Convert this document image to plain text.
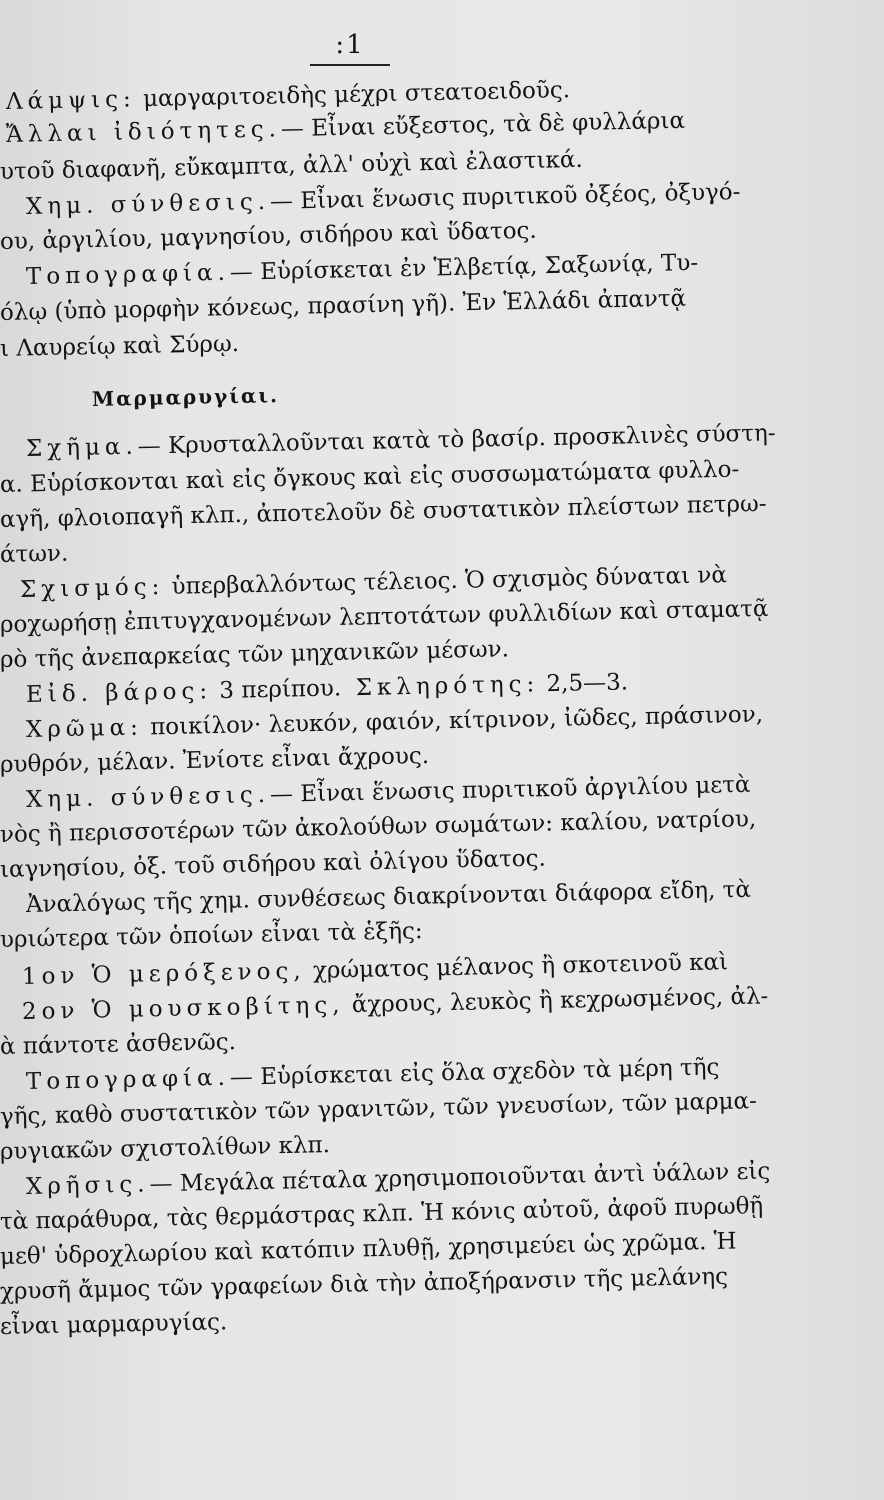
:1
Λάμψις: μαργαριτοειδὴς μέχρι στεατοειδοῦς.
Ἄλλαι ἰδιότητες.— Εἶναι εὔξεστος, τὰ δὲ φυλλάρια
υτοῦ διαφανῆ, εὔκαμπτα, ἀλλ' οὐχὶ καὶ ἐλαστικά.
Χημ. σύνθεσις.— Εἶναι ἕνωσις πυριτικοῦ ὀξέος, ὀξυγό-
ου, ἀργιλίου, μαγνησίου, σιδήρου καὶ ὕδατος.
Τοπογραφία.— Εὑρίσκεται ἐν Ἑλβετίᾳ, Σαξωνίᾳ, Τυ-
όλῳ (ὑπὸ μορφὴν κόνεως, πρασίνη γῆ). Ἐν Ἑλλάδι ἀπαντᾷ
ι Λαυρείῳ καὶ Σύρῳ.
Μαρμαρυγίαι.
Σχῆμα.— Κρυσταλλοῦνται κατὰ τὸ βασίρ. προσκλινὲς σύστη-
α. Εὑρίσκονται καὶ εἰς ὄγκους καὶ εἰς συσσωματώματα φυλλο-
αγῆ, φλοιοπαγῆ κλπ., ἀποτελοῦν δὲ συστατικὸν πλείστων πετρω-
άτων.
Σχισμός: ὑπερβαλλόντως τέλειος. Ὁ σχισμὸς δύναται νὰ
ροχωρήσῃ ἐπιτυγχανομένων λεπτοτάτων φυλλιδίων καὶ σταματᾷ
ρὸ τῆς ἀνεπαρκείας τῶν μηχανικῶν μέσων.
Εἰδ. βάρος: 3 περίπου. Σκληρότης: 2,5—3.
Χρῶμα: ποικίλον· λευκόν, φαιόν, κίτρινον, ἰῶδες, πράσινον,
ρυθρόν, μέλαν. Ἐνίοτε εἶναι ἄχρους.
Χημ. σύνθεσις.— Εἶναι ἕνωσις πυριτικοῦ ἀργιλίου μετὰ
νὸς ἢ περισσοτέρων τῶν ἀκολούθων σωμάτων: καλίου, νατρίου,
ιαγνησίου, ὀξ. τοῦ σιδήρου καὶ ὀλίγου ὕδατος.
Ἀναλόγως τῆς χημ. συνθέσεως διακρίνονται διάφορα εἴδη, τὰ
υριώτερα τῶν ὁποίων εἶναι τὰ ἑξῆς:
1ον Ὁ μερόξενος, χρώματος μέλανος ἢ σκοτεινοῦ καὶ
2ον Ὁ μουσκοβίτης, ἄχρους, λευκὸς ἢ κεχρωσμένος, ἀλ-
ὰ πάντοτε ἀσθενῶς.
Τοπογραφία.— Εὑρίσκεται εἰς ὅλα σχεδὸν τὰ μέρη τῆς
γῆς, καθὸ συστατικὸν τῶν γρανιτῶν, τῶν γνευσίων, τῶν μαρμα-
ρυγιακῶν σχιστολίθων κλπ.
Χρῆσις.— Μεγάλα πέταλα χρησιμοποιοῦνται ἀντὶ ὑάλων εἰς
τὰ παράθυρα, τὰς θερμάστρας κλπ. Ἡ κόνις αὐτοῦ, ἀφοῦ πυρωθῇ
μεθ' ὑδροχλωρίου καὶ κατόπιν πλυθῇ, χρησιμεύει ὡς χρῶμα. Ἡ
χρυσῆ ἄμμος τῶν γραφείων διὰ τὴν ἀποξήρανσιν τῆς μελάνης
εἶναι μαρμαρυγίας.
